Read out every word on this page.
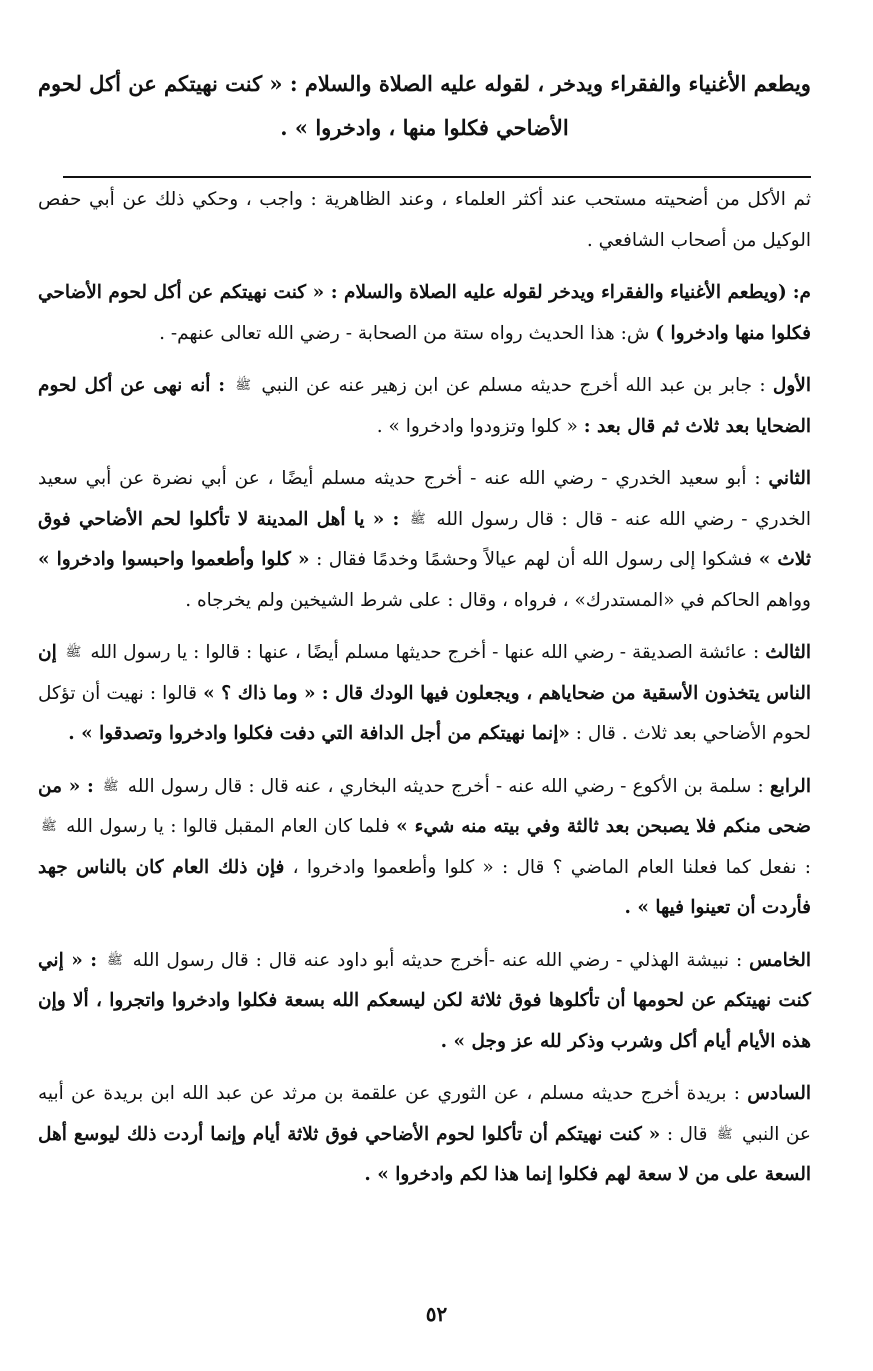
ويطعم الأغنياء والفقراء ويدخر ، لقوله عليه الصلاة والسلام : « كنت نهيتكم عن أكل لحوم الأضاحي فكلوا منها ، وادخروا » .

ثم الأكل من أضحيته مستحب عند أكثر العلماء ، وعند الظاهرية : واجب ، وحكي ذلك عن أبي حفص الوكيل من أصحاب الشافعي .

م: (ويطعم الأغنياء والفقراء ويدخر لقوله عليه الصلاة والسلام : « كنت نهيتكم عن أكل لحوم الأضاحي فكلوا منها وادخروا ) ش: هذا الحديث رواه ستة من الصحابة - رضي الله تعالى عنهم- .

الأول : جابر بن عبد الله أخرج حديثه مسلم عن ابن زهير عنه عن النبي ﷺ : أنه نهى عن أكل لحوم الضحايا بعد ثلاث ثم قال بعد : « كلوا وتزودوا وادخروا » .

الثاني : أبو سعيد الخدري - رضي الله عنه - أخرج حديثه مسلم أيضًا ، عن أبي نضرة عن أبي سعيد الخدري - رضي الله عنه - قال : قال رسول الله ﷺ : « يا أهل المدينة لا تأكلوا لحم الأضاحي فوق ثلاث » فشكوا إلى رسول الله أن لهم عيالاً وحشمًا وخدمًا فقال : « كلوا وأطعموا واحبسوا وادخروا » وواهم الحاكم في «المستدرك» ، فرواه ، وقال : على شرط الشيخين ولم يخرجاه .

الثالث : عائشة الصديقة - رضي الله عنها - أخرج حديثها مسلم أيضًا ، عنها : قالوا : يا رسول الله ﷺ إن الناس يتخذون الأسقية من ضحاياهم ، ويجعلون فيها الودك قال : « وما ذاك ؟ » قالوا : نهيت أن تؤكل لحوم الأضاحي بعد ثلاث . قال : «إنما نهيتكم من أجل الدافة التي دفت فكلوا وادخروا وتصدقوا » .

الرابع : سلمة بن الأكوع - رضي الله عنه - أخرج حديثه البخاري ، عنه قال : قال رسول الله ﷺ : « من ضحى منكم فلا يصبحن بعد ثالثة وفي بيته منه شيء » فلما كان العام المقبل قالوا : يا رسول الله ﷺ : نفعل كما فعلنا العام الماضي ؟ قال : « كلوا وأطعموا وادخروا ، فإن ذلك العام كان بالناس جهد فأردت أن تعينوا فيها » .

الخامس : نبيشة الهذلي - رضي الله عنه -أخرج حديثه أبو داود عنه قال : قال رسول الله ﷺ : « إني كنت نهيتكم عن لحومها أن تأكلوها فوق ثلاثة لكن ليسعكم الله بسعة فكلوا وادخروا واتجروا ، ألا وإن هذه الأيام أيام أكل وشرب وذكر لله عز وجل » .

السادس : بريدة أخرج حديثه مسلم ، عن الثوري عن علقمة بن مرثد عن عبد الله ابن بريدة عن أبيه عن النبي ﷺ قال : « كنت نهيتكم أن تأكلوا لحوم الأضاحي فوق ثلاثة أيام وإنما أردت ذلك ليوسع أهل السعة على من لا سعة لهم فكلوا إنما هذا لكم وادخروا » .

٥٢
